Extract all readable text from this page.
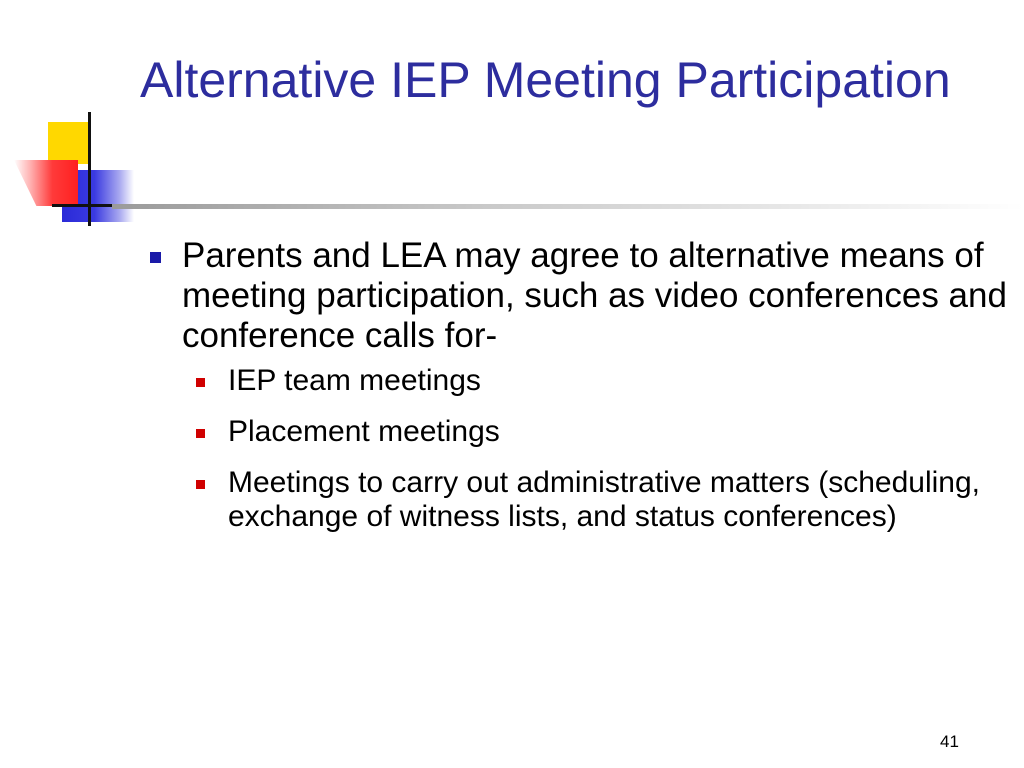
Alternative IEP Meeting Participation
Parents and LEA may agree to alternative means of meeting participation, such as video conferences and conference calls for-
IEP team meetings
Placement meetings
Meetings to carry out administrative matters (scheduling, exchange of witness lists, and status conferences)
41
